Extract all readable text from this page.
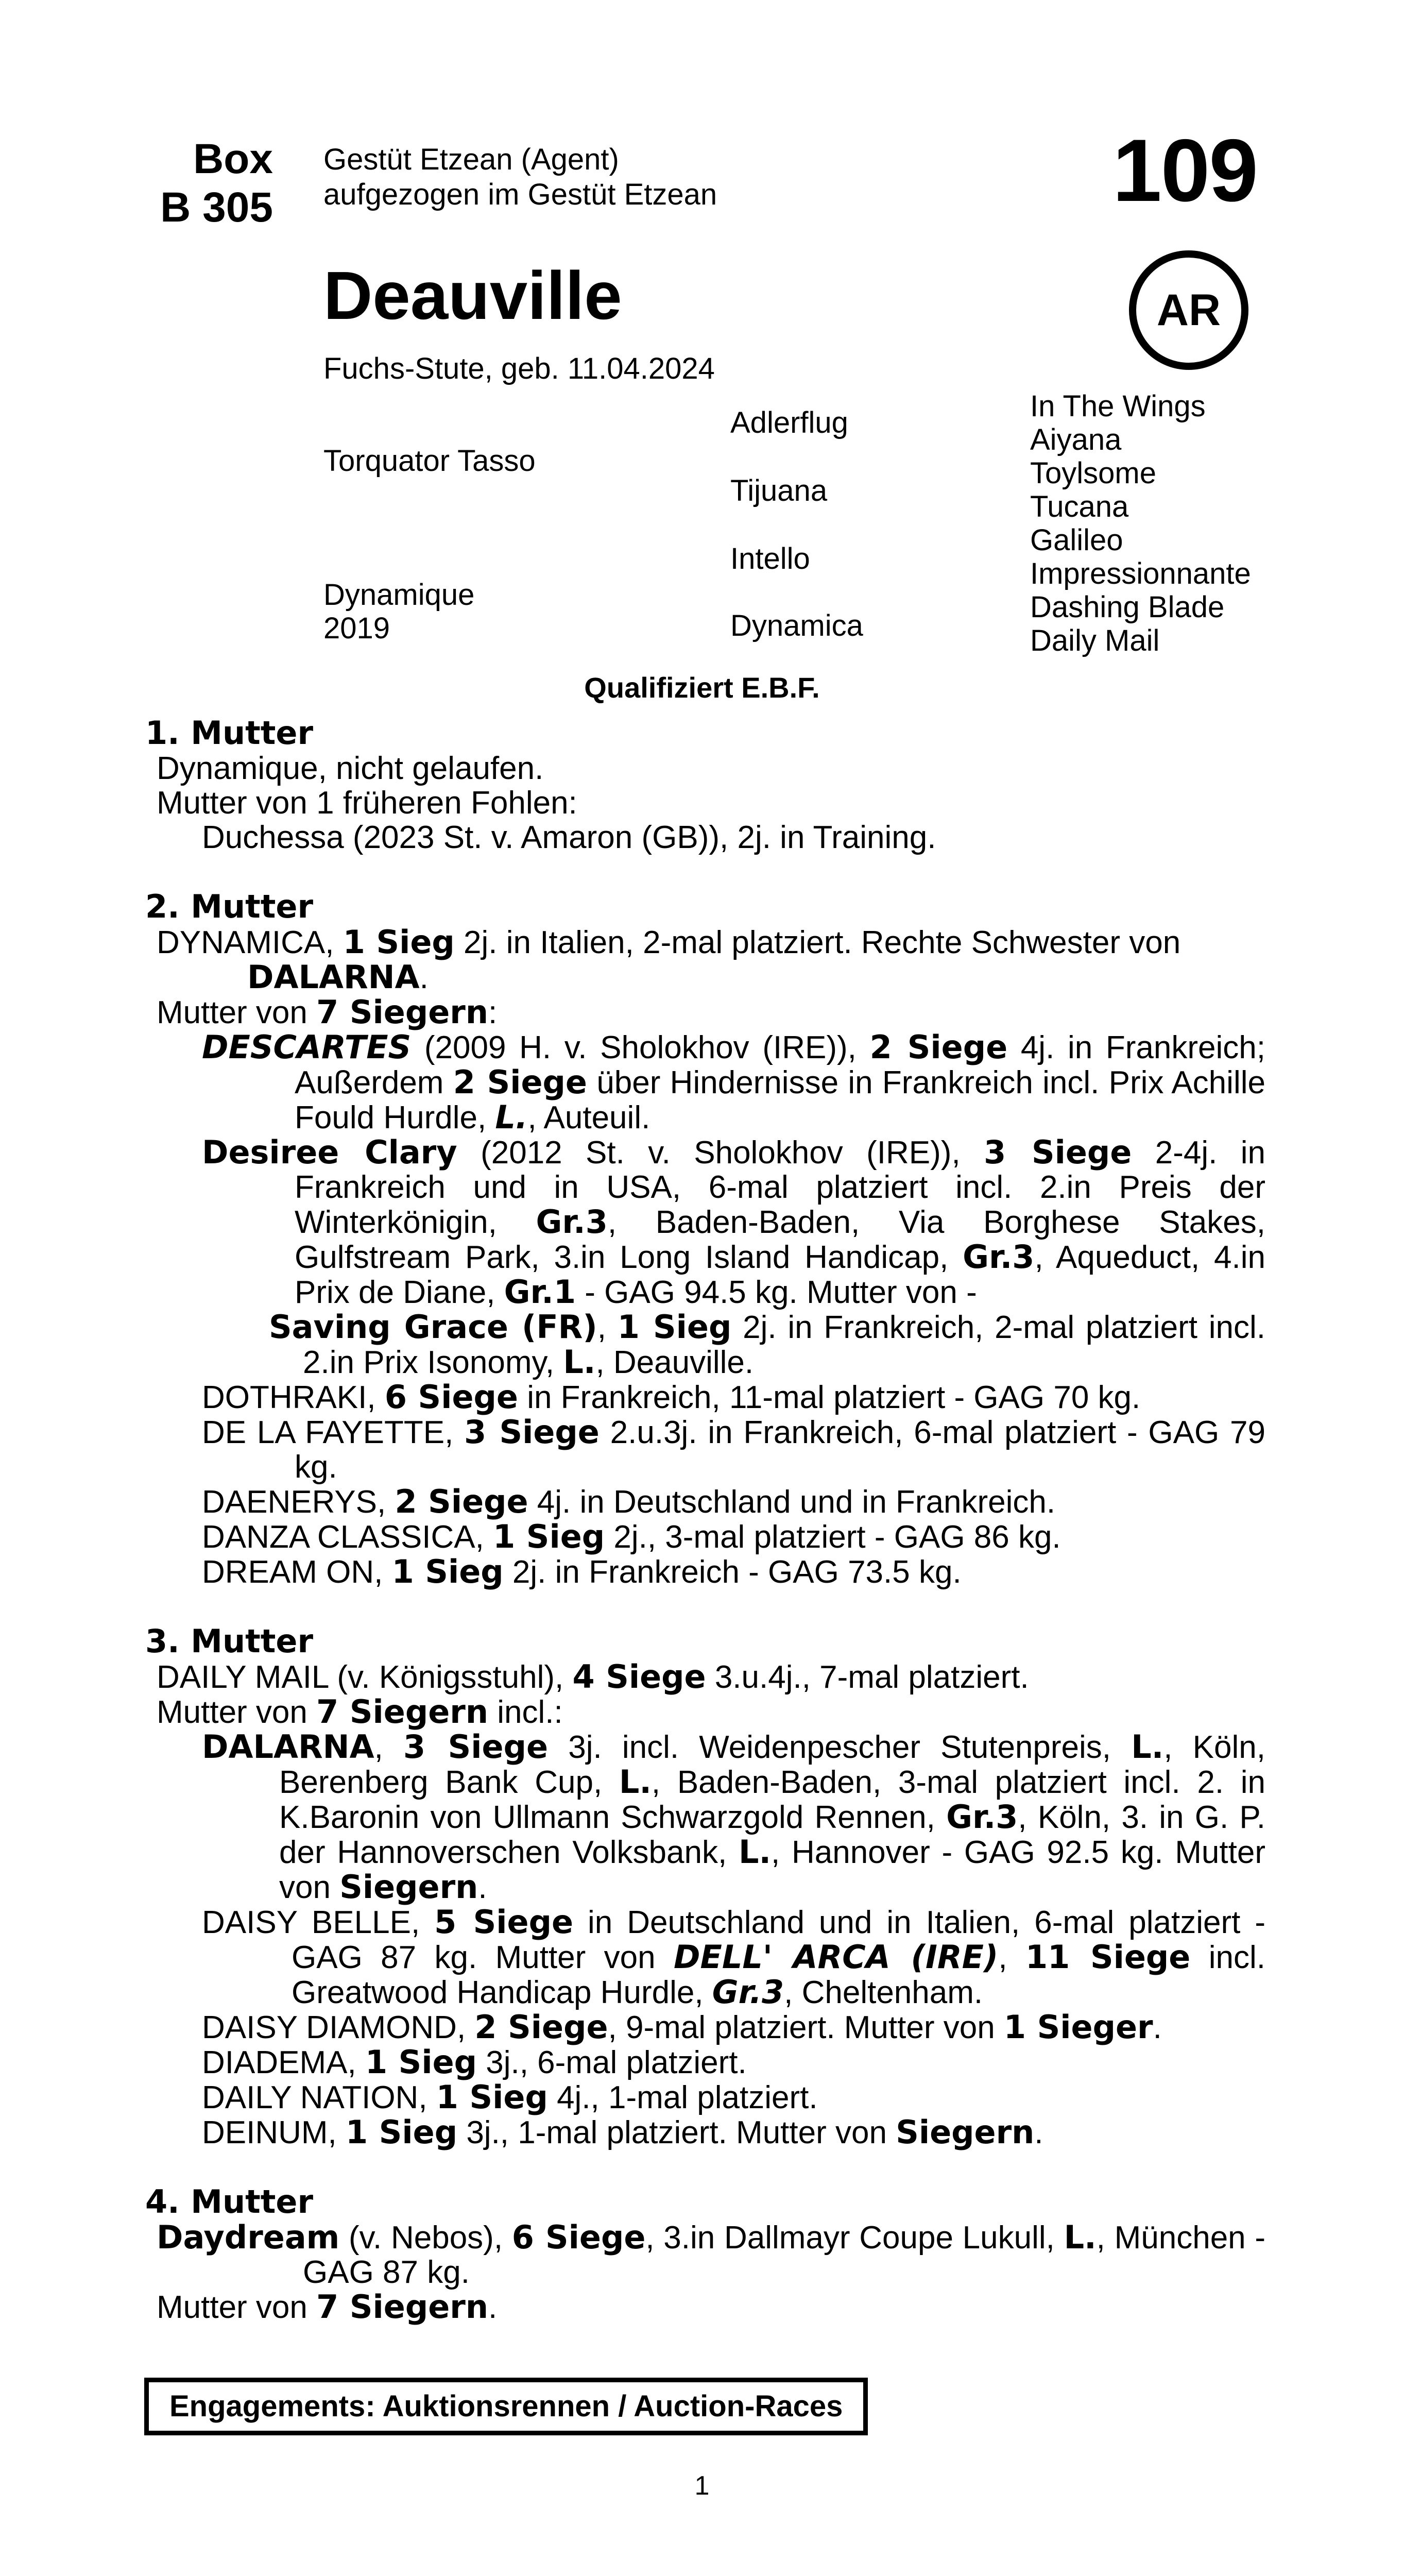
Box
B 305
Gestüt Etzean (Agent)
aufgezogen im Gestüt Etzean	109
AR
Deauville
Fuchs-Stute, geb. 11.04.2024
Torquator Tasso
Dynamique
2019
Adlerflug
Tijuana
Intello
Dynamica
In The Wings
Aiyana
Toylsome
Tucana
Galileo
Impressionnante
Dashing Blade
Daily Mail
Qualifiziert E.B.F.
1. Mutter

Dynamique, nicht gelaufen.

Mutter von 1 früheren Fohlen:

Duchessa (2023 St. v. Amaron (GB)), 2j. in Training.

2. Mutter

DYNAMICA, 1 Sieg 2j. in Italien, 2-mal platziert. Rechte Schwester von DALARNA.

Mutter von 7 Siegern:

DESCARTES (2009 H. v. Sholokhov (IRE)), 2 Siege 4j. in Frankreich; Außerdem 2 Siege über Hindernisse in Frankreich incl. Prix Achille Fould Hurdle, L., Auteuil.

Desiree Clary (2012 St. v. Sholokhov (IRE)), 3 Siege 2-4j. in Frankreich und in USA, 6-mal platziert incl. 2.in Preis der Winterkönigin, Gr.3, Baden-Baden, Via Borghese Stakes, Gulfstream Park, 3.in Long Island Handicap, Gr.3, Aqueduct, 4.in Prix de Diane, Gr.1 - GAG 94.5 kg. Mutter von -

Saving Grace (FR), 1 Sieg 2j. in Frankreich, 2-mal platziert incl. 2.in Prix Isonomy, L., Deauville.

DOTHRAKI, 6 Siege in Frankreich, 11-mal platziert - GAG 70 kg.

DE LA FAYETTE, 3 Siege 2.u.3j. in Frankreich, 6-mal platziert - GAG 79 kg.

DAENERYS, 2 Siege 4j. in Deutschland und in Frankreich.

DANZA CLASSICA, 1 Sieg 2j., 3-mal platziert - GAG 86 kg.

DREAM ON, 1 Sieg 2j. in Frankreich - GAG 73.5 kg.

3. Mutter

DAILY MAIL (v. Königsstuhl), 4 Siege 3.u.4j., 7-mal platziert.

Mutter von 7 Siegern incl.:

DALARNA, 3 Siege 3j. incl. Weidenpescher Stutenpreis, L., Köln, Berenberg Bank Cup, L., Baden-Baden, 3-mal platziert incl. 2. in K.Baronin von Ullmann Schwarzgold Rennen, Gr.3, Köln, 3. in G. P. der Hannoverschen Volksbank, L., Hannover - GAG 92.5 kg. Mutter von Siegern.

DAISY BELLE, 5 Siege in Deutschland und in Italien, 6-mal platziert - GAG 87 kg. Mutter von DELL' ARCA (IRE), 11 Siege incl. Greatwood Handicap Hurdle, Gr.3, Cheltenham.

DAISY DIAMOND, 2 Siege, 9-mal platziert. Mutter von 1 Sieger.

DIADEMA, 1 Sieg 3j., 6-mal platziert.

DAILY NATION, 1 Sieg 4j., 1-mal platziert.

DEINUM, 1 Sieg 3j., 1-mal platziert. Mutter von Siegern.

4. Mutter

Daydream (v. Nebos), 6 Siege, 3.in Dallmayr Coupe Lukull, L., München - GAG 87 kg.

Mutter von 7 Siegern.

Engagements: Auktionsrennen / Auction-Races
1
